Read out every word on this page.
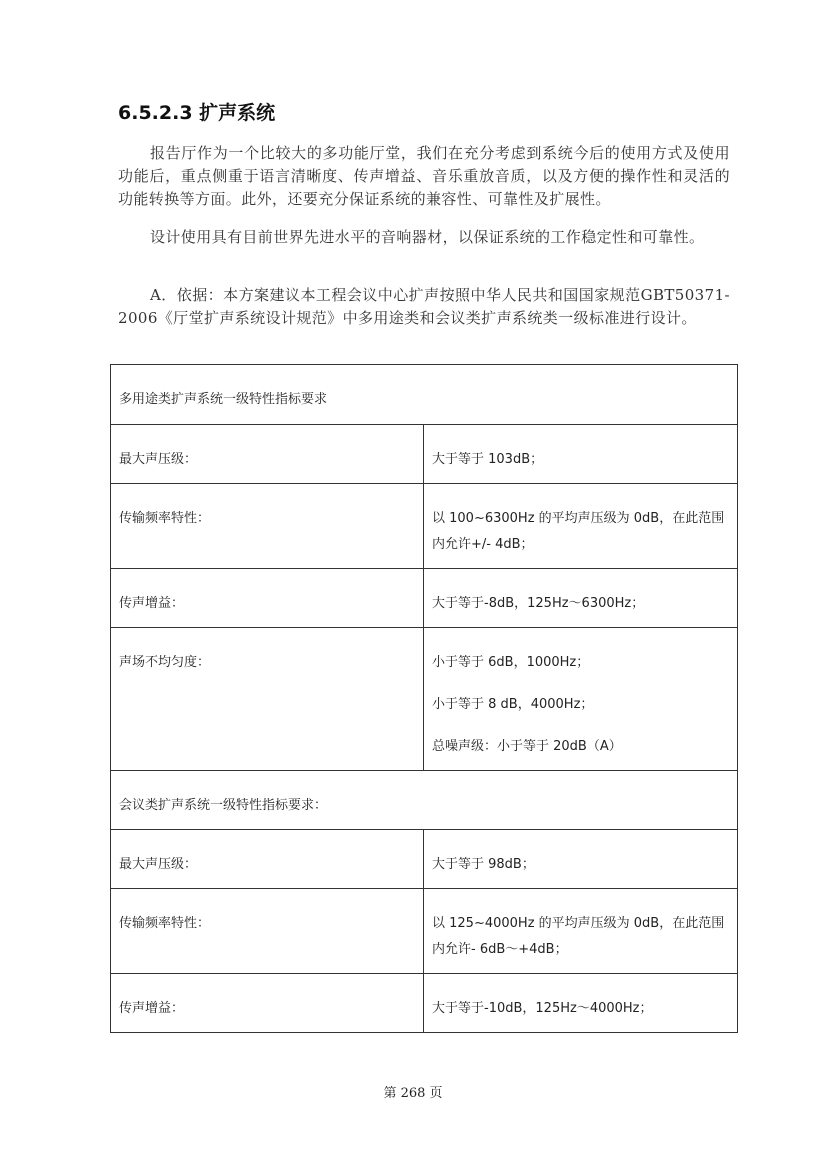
6.5.2.3 扩声系统

报告厅作为一个比较大的多功能厅堂，我们在充分考虑到系统今后的使用方式及使用功能后，重点侧重于语言清晰度、传声增益、音乐重放音质，以及方便的操作性和灵活的功能转换等方面。此外，还要充分保证系统的兼容性、可靠性及扩展性。

设计使用具有目前世界先进水平的音响器材，以保证系统的工作稳定性和可靠性。

A．依据：本方案建议本工程会议中心扩声按照中华人民共和国国家规范GBT50371-2006《厅堂扩声系统设计规范》中多用途类和会议类扩声系统类一级标准进行设计。

多用途类扩声系统一级特性指标要求	
最大声压级：	大于等于 103dB；
传输频率特性：	以 100~6300Hz 的平均声压级为 0dB，在此范围内允许+/- 4dB；
传声增益：	大于等于-8dB，125Hz～6300Hz；
声场不均匀度：	小于等于 6dB，1000Hz；
小于等于 8 dB，4000Hz；
总噪声级：小于等于 20dB（A）

会议类扩声系统一级特性指标要求：	
最大声压级：	大于等于 98dB；
传输频率特性：	以 125~4000Hz 的平均声压级为 0dB，在此范围内允许- 6dB～+4dB；
传声增益：	大于等于-10dB，125Hz～4000Hz；
第 268 页
